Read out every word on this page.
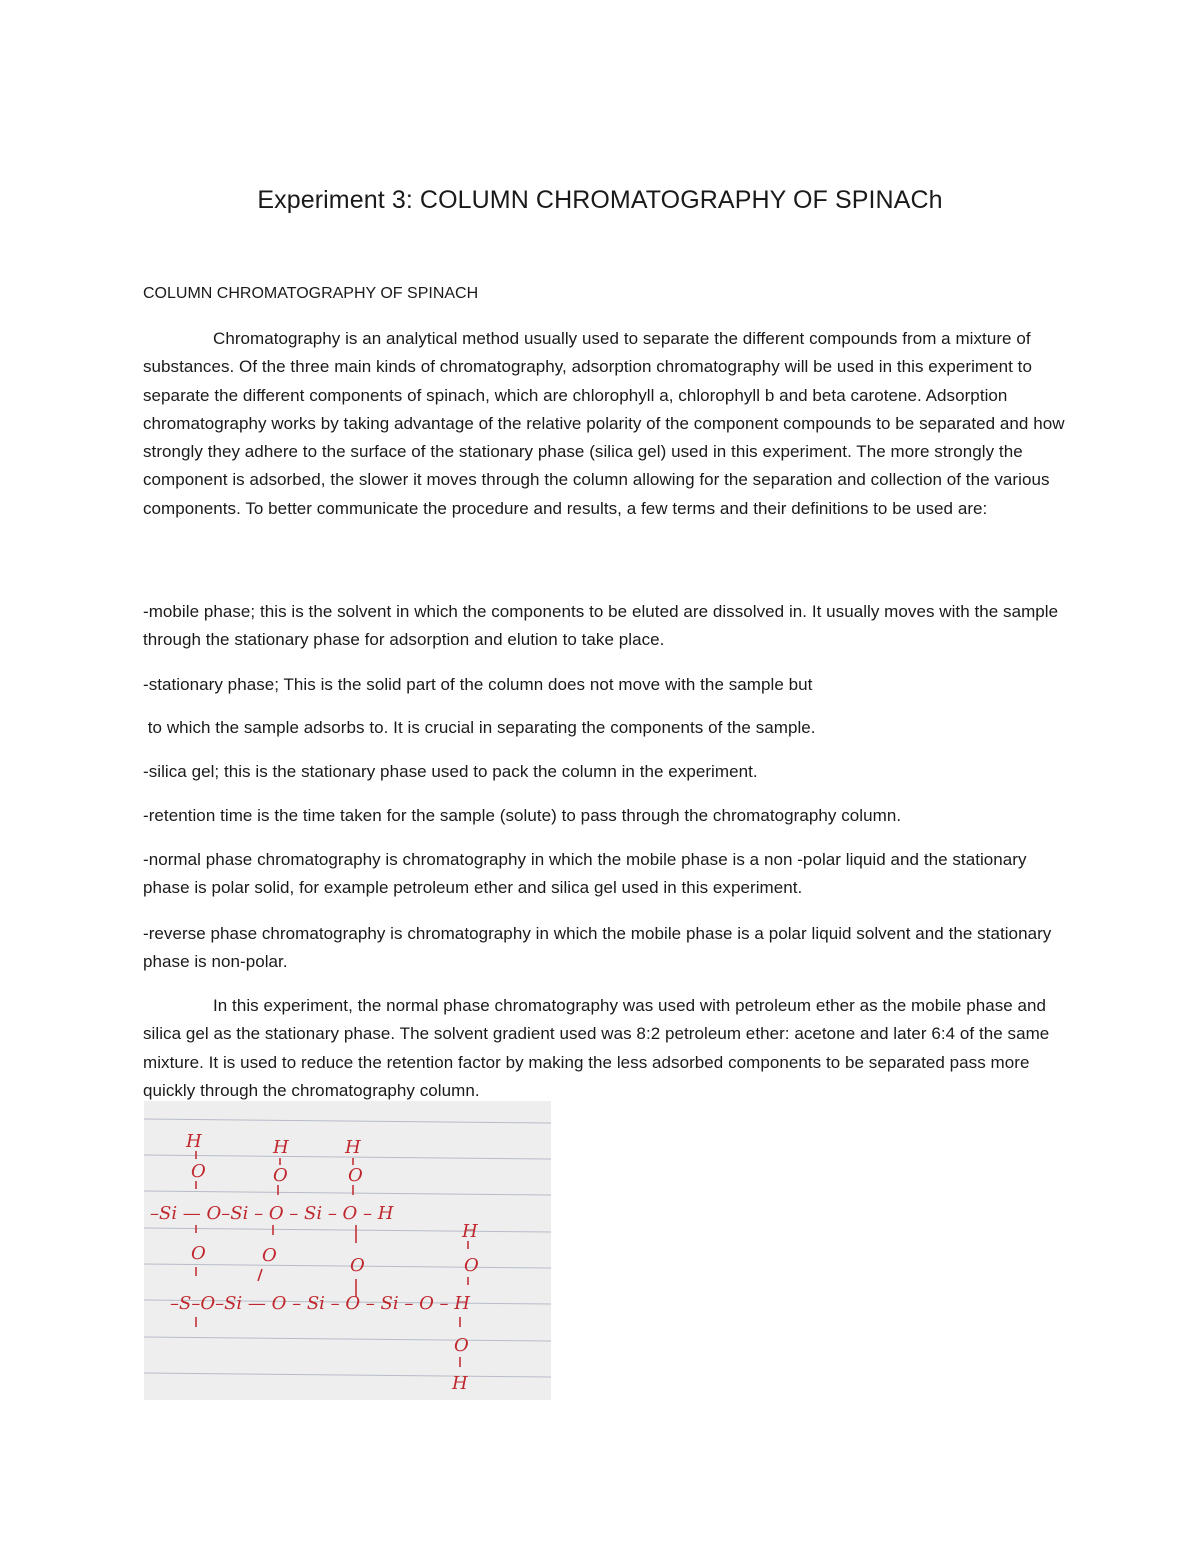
Experiment 3: COLUMN CHROMATOGRAPHY OF SPINACh
COLUMN CHROMATOGRAPHY OF SPINACH

Chromatography is an analytical method usually used to separate the different compounds from a mixture of substances. Of the three main kinds of chromatography, adsorption chromatography will be used in this experiment to separate the different components of spinach, which are chlorophyll a, chlorophyll b and beta carotene. Adsorption chromatography works by taking advantage of the relative polarity of the component compounds to be separated and how strongly they adhere to the surface of the stationary phase (silica gel) used in this experiment. The more strongly the component is adsorbed, the slower it moves through the column allowing for the separation and collection of the various components. To better communicate the procedure and results, a few terms and their definitions to be used are:

-mobile phase; this is the solvent in which the components to be eluted are dissolved in. It usually moves with the sample through the stationary phase for adsorption and elution to take place.

-stationary phase; This is the solid part of the column does not move with the sample but

to which the sample adsorbs to. It is crucial in separating the components of the sample.

-silica gel; this is the stationary phase used to pack the column in the experiment.

-retention time is the time taken for the sample (solute) to pass through the chromatography column.

-normal phase chromatography is chromatography in which the mobile phase is a non -polar liquid and the stationary phase is polar solid, for example petroleum ether and silica gel used in this experiment.

-reverse phase chromatography is chromatography in which the mobile phase is a polar liquid solvent and the stationary phase is non-polar.

In this experiment, the normal phase chromatography was used with petroleum ether as the mobile phase and silica gel as the stationary phase. The solvent gradient used was 8:2 petroleum ether: acetone and later 6:4 of the same mixture. It is used to reduce the retention factor by making the less adsorbed components to be separated pass more quickly through the chromatography column.

H
O
H
O
H
O
–Si — O–Si – O – Si – O – H
O	O	O
H
O
–S–O–Si — O – Si – O – Si – O – H
O
H
